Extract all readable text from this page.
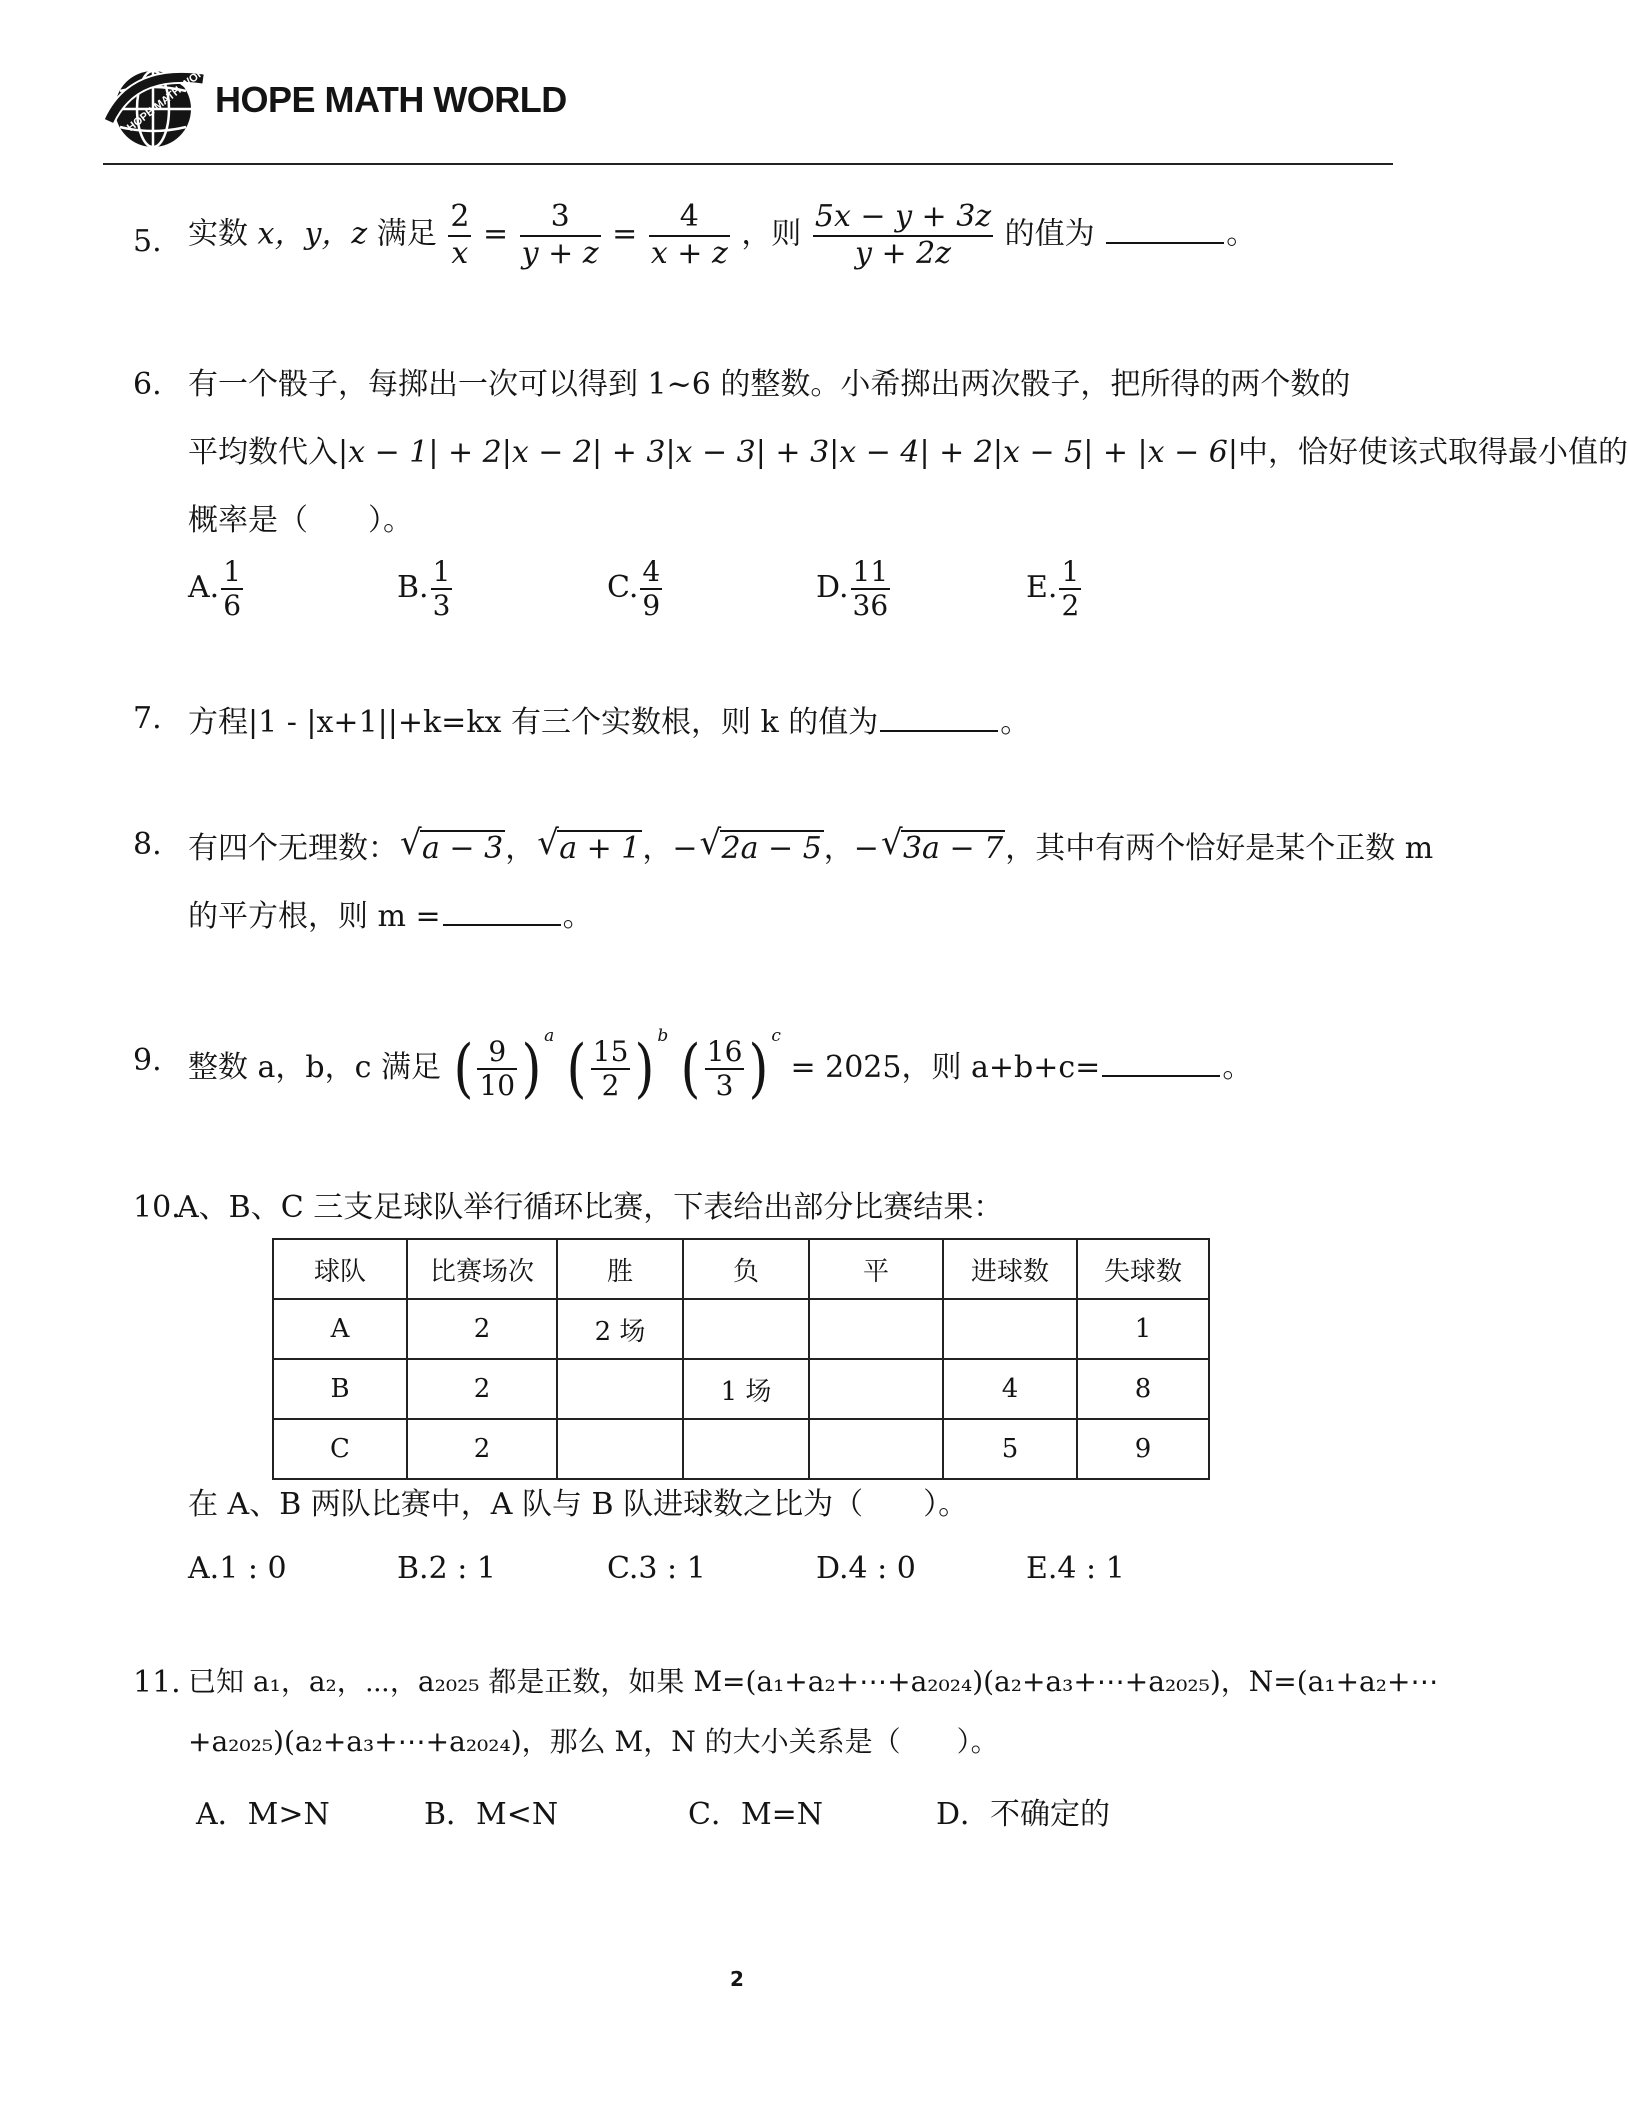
HOPE MATH WORLD
HOPE MATH WORLD
5. 实数 x，y，z 满足 $\frac{2}{x} = \frac{3}{y + z} = \frac{4}{x + z}$ ，则 $\frac{5x - y + 3z}{y + 2z}$ 的值为	。
6. 有一个骰子，每掷出一次可以得到 1~6 的整数。小希掷出两次骰子，把所得的两个数的
平均数代入|x − 1| + 2|x − 2| + 3|x − 3| + 3|x − 4| + 2|x − 5| + |x − 6|中，恰好使该式取得最小值的
概率是（　　）。
A. $\frac{1}{6}$	B. $\frac{1}{3}$	C. $\frac{4}{9}$	D. $\frac{11}{36}$	E. $\frac{1}{2}$
7. 方程|1 - |x+1||+k=kx 有三个实数根，则 k 的值为	。
8. 有四个无理数： √ a − 3， √ a + 1，− √ 2a − 5，− √ 3a − 7，其中有两个恰好是某个正数 m
的平方根，则 m =	。
9. 整数 a，b，c 满足 ( $\frac{9}{10}$ ) $^a$ ( $\frac{15}{2}$ ) $^b$ ( $\frac{16}{3}$ ) $^c$ = 2025，则 a+b+c=	。
10.
A、B、C 三支足球队举行循环比赛，下表给出部分比赛结果：
球队	比赛场次	胜	负	平	进球数	失球数
A	2	2 场				1
B	2		1 场		4	8
C	2				5	9
在 A、B 两队比赛中，A 队与 B 队进球数之比为（　　）。
A.1 : 0	B.2 : 1	C.3 : 1	D.4 : 0	E.4 : 1
11. 已知 a₁，a₂，⋯，a₂₀₂₅ 都是正数，如果 M=(a₁+a₂+⋯+a₂₀₂₄)(a₂+a₃+⋯+a₂₀₂₅)，N=(a₁+a₂+⋯
+a₂₀₂₅)(a₂+a₃+⋯+a₂₀₂₄)，那么 M，N 的大小关系是（　　）。
A．M>N	B．M<N	C．M=N	D．不确定的
2
